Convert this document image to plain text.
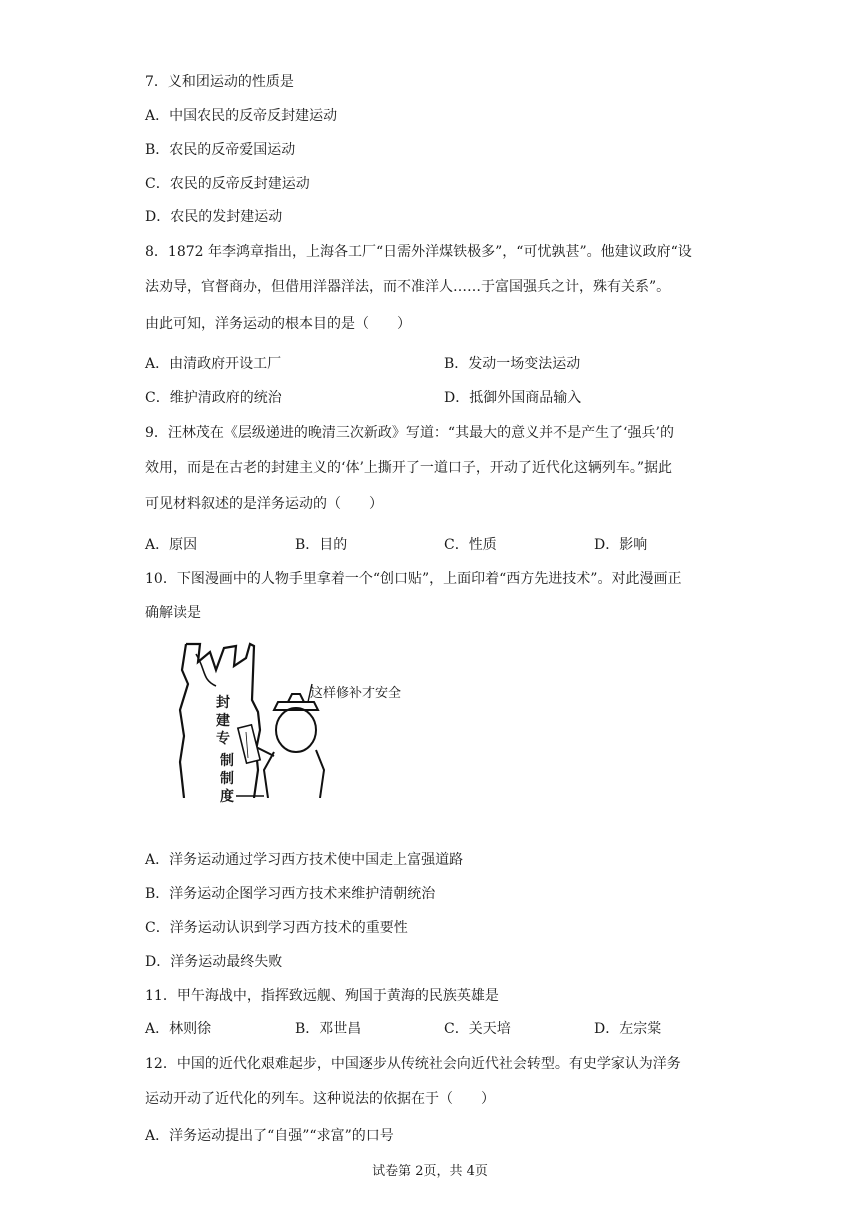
7．义和团运动的性质是
A．中国农民的反帝反封建运动
B．农民的反帝爱国运动
C．农民的反帝反封建运动
D．农民的发封建运动
8．1872 年李鸿章指出，上海各工厂“日需外洋煤铁极多”，“可忧孰甚”。他建议政府“设
法劝导，官督商办，但借用洋器洋法，而不准洋人……于富国强兵之计，殊有关系”。
由此可知，洋务运动的根本目的是（　　）
A．由清政府开设工厂	B．发动一场变法运动
C．维护清政府的统治	D．抵御外国商品输入
9．汪林茂在《层级递进的晚清三次新政》写道：“其最大的意义并不是产生了‘强兵’的
效用，而是在古老的封建主义的‘体’上撕开了一道口子，开动了近代化这辆列车。”据此
可见材料叙述的是洋务运动的（　　）
A．原因	B．目的	C．性质	D．影响
10．下图漫画中的人物手里拿着一个“创口贴”，上面印着“西方先进技术”。对此漫画正
确解读是
这样修补才安全
封
建
专
制
制
度
A．洋务运动通过学习西方技术使中国走上富强道路
B．洋务运动企图学习西方技术来维护清朝统治
C．洋务运动认识到学习西方技术的重要性
D．洋务运动最终失败
11．甲午海战中，指挥致远舰、殉国于黄海的民族英雄是
A．林则徐	B．邓世昌	C．关天培	D．左宗棠
12．中国的近代化艰难起步，中国逐步从传统社会向近代社会转型。有史学家认为洋务
运动开动了近代化的列车。这种说法的依据在于（　　）
A．洋务运动提出了“自强”“求富”的口号
试卷第 2页，共 4页
